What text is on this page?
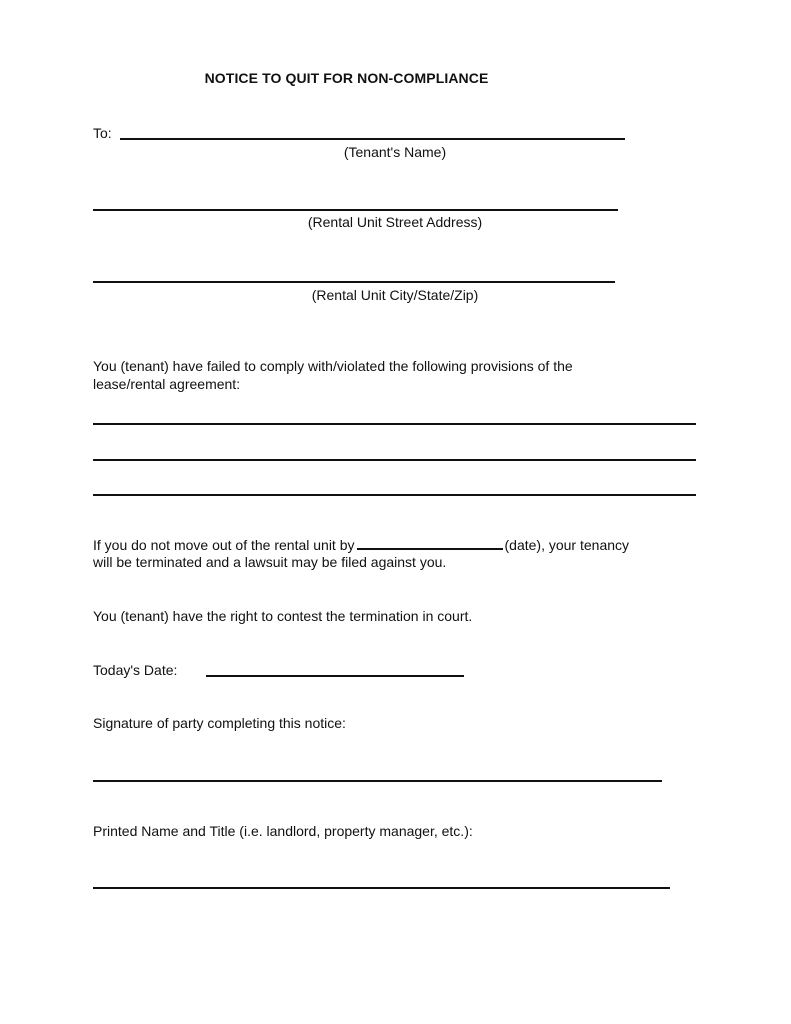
NOTICE TO QUIT FOR NON-COMPLIANCE
To:
(Tenant's Name)
(Rental Unit Street Address)
(Rental Unit City/State/Zip)
You (tenant) have failed to comply with/violated the following provisions of the lease/rental agreement:
If you do not move out of the rental unit by	(date), your tenancy
will be terminated and a lawsuit may be filed against you.
You (tenant) have the right to contest the termination in court.
Today's Date:
Signature of party completing this notice:
Printed Name and Title (i.e. landlord, property manager, etc.):
